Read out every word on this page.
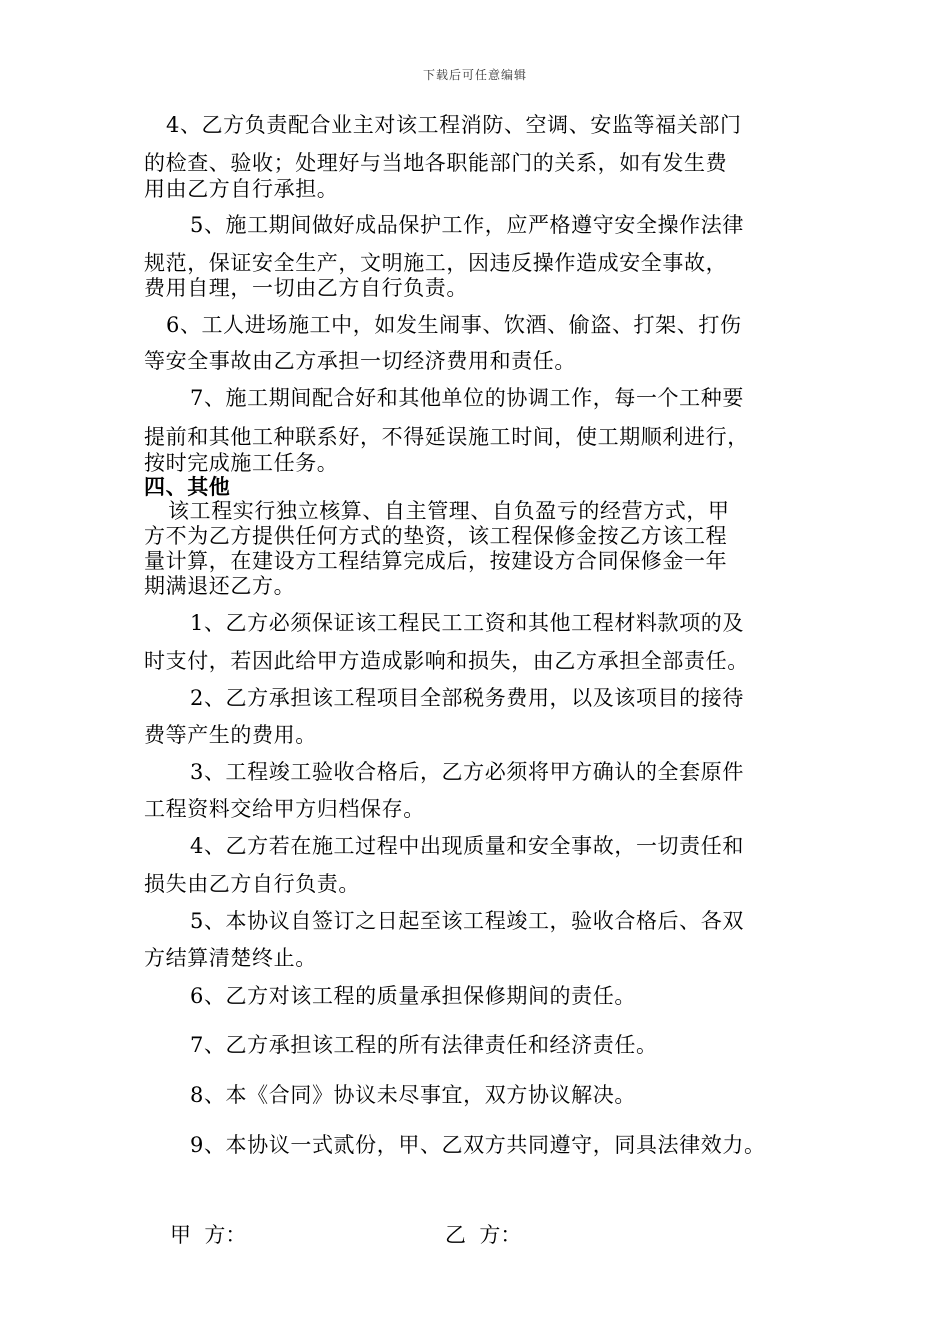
下载后可任意编辑
4、乙方负责配合业主对该工程消防、空调、安监等福关部门
的检查、验收；处理好与当地各职能部门的关系，如有发生费
用由乙方自行承担。
5、施工期间做好成品保护工作，应严格遵守安全操作法律
规范，保证安全生产，文明施工，因违反操作造成安全事故，
费用自理，一切由乙方自行负责。
6、工人进场施工中，如发生闹事、饮酒、偷盗、打架、打伤
等安全事故由乙方承担一切经济费用和责任。
7、施工期间配合好和其他单位的协调工作，每一个工种要
提前和其他工种联系好，不得延误施工时间，使工期顺利进行，
按时完成施工任务。
四、其他
该工程实行独立核算、自主管理、自负盈亏的经营方式，甲
方不为乙方提供任何方式的垫资，该工程保修金按乙方该工程
量计算，在建设方工程结算完成后，按建设方合同保修金一年
期满退还乙方。
1、乙方必须保证该工程民工工资和其他工程材料款项的及
时支付，若因此给甲方造成影响和损失，由乙方承担全部责任。
2、乙方承担该工程项目全部税务费用，以及该项目的接待
费等产生的费用。
3、工程竣工验收合格后，乙方必须将甲方确认的全套原件
工程资料交给甲方归档保存。
4、乙方若在施工过程中出现质量和安全事故，一切责任和
损失由乙方自行负责。
5、本协议自签订之日起至该工程竣工，验收合格后、各双
方结算清楚终止。
6、乙方对该工程的质量承担保修期间的责任。
7、乙方承担该工程的所有法律责任和经济责任。
8、本《合同》协议未尽事宜，双方协议解决。
9、本协议一式贰份，甲、乙双方共同遵守，同具法律效力。
甲  方：	乙  方：
